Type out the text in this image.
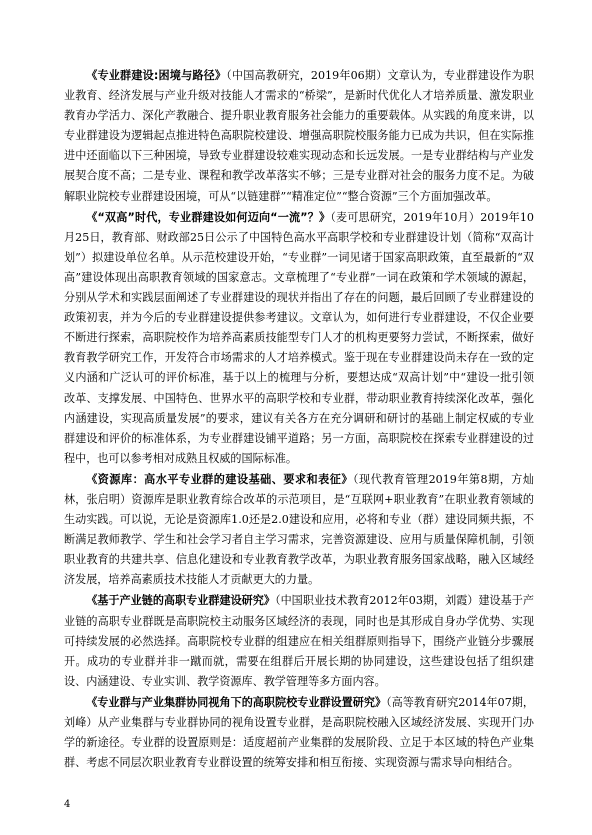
《专业群建设:困境与路径》（中国高教研究，2019年06期）文章认为，专业群建设作为职业教育、经济发展与产业升级对技能人才需求的“桥梁”，是新时代优化人才培养质量、激发职业教育办学活力、深化产教融合、提升职业教育服务社会能力的重要载体。从实践的角度来讲，以专业群建设为逻辑起点推进特色高职院校建设、增强高职院校服务能力已成为共识，但在实际推进中还面临以下三种困境，导致专业群建设较难实现动态和长远发展。一是专业群结构与产业发展契合度不高；二是专业、课程和教学改革落实不够；三是专业群对社会的服务力度不足。为破解职业院校专业群建设困境，可从“以链建群”“精准定位”“整合资源”三个方面加强改革。

《“双高”时代，专业群建设如何迈向“一流”？》（麦可思研究，2019年10月）2019年10月25日，教育部、财政部25日公示了中国特色高水平高职学校和专业群建设计划（简称“双高计划”）拟建设单位名单。从示范校建设开始，“专业群”一词见诸于国家高职政策，直至最新的“双高”建设体现出高职教育领域的国家意志。文章梳理了“专业群”一词在政策和学术领域的源起，分别从学术和实践层面阐述了专业群建设的现状并指出了存在的问题，最后回顾了专业群建设的政策初衷，并为今后的专业群建设提供参考建议。文章认为，如何进行专业群建设，不仅企业要不断进行探索，高职院校作为培养高素质技能型专门人才的机构更要努力尝试，不断探索，做好教育教学研究工作，开发符合市场需求的人才培养模式。鉴于现在专业群建设尚未存在一致的定义内涵和广泛认可的评价标准，基于以上的梳理与分析，要想达成“双高计划”中“建设一批引领改革、支撑发展、中国特色、世界水平的高职学校和专业群，带动职业教育持续深化改革，强化内涵建设，实现高质量发展”的要求，建议有关各方在充分调研和研讨的基础上制定权威的专业群建设和评价的标准体系，为专业群建设铺平道路；另一方面，高职院校在探索专业群建设的过程中，也可以参考相对成熟且权威的国际标准。

《资源库：高水平专业群的建设基础、要求和表征》（现代教育管理2019年第8期，方灿林，张启明）资源库是职业教育综合改革的示范项目，是“互联网+职业教育”在职业教育领域的生动实践。可以说，无论是资源库1.0还是2.0建设和应用，必将和专业（群）建设同频共振，不断满足教师教学、学生和社会学习者自主学习需求，完善资源建设、应用与质量保障机制，引领职业教育的共建共享、信息化建设和专业教育教学改革，为职业教育服务国家战略，融入区域经济发展，培养高素质技术技能人才贡献更大的力量。

《基于产业链的高职专业群建设研究》（中国职业技术教育2012年03期，刘霞）建设基于产业链的高职专业群既是高职院校主动服务区域经济的表现，同时也是其形成自身办学优势、实现可持续发展的必然选择。高职院校专业群的组建应在相关组群原则指导下，围绕产业链分步骤展开。成功的专业群并非一蹴而就，需要在组群后开展长期的协同建设，这些建设包括了组织建设、内涵建设、专业实训、教学资源库、教学管理等多方面内容。

《专业群与产业集群协同视角下的高职院校专业群设置研究》（高等教育研究2014年07期，刘峰）从产业集群与专业群协同的视角设置专业群，是高职院校融入区域经济发展、实现开门办学的新途径。专业群的设置原则是：适度超前产业集群的发展阶段、立足于本区域的特色产业集群、考虑不同层次职业教育专业群设置的统筹安排和相互衔接、实现资源与需求导向相结合。

4
